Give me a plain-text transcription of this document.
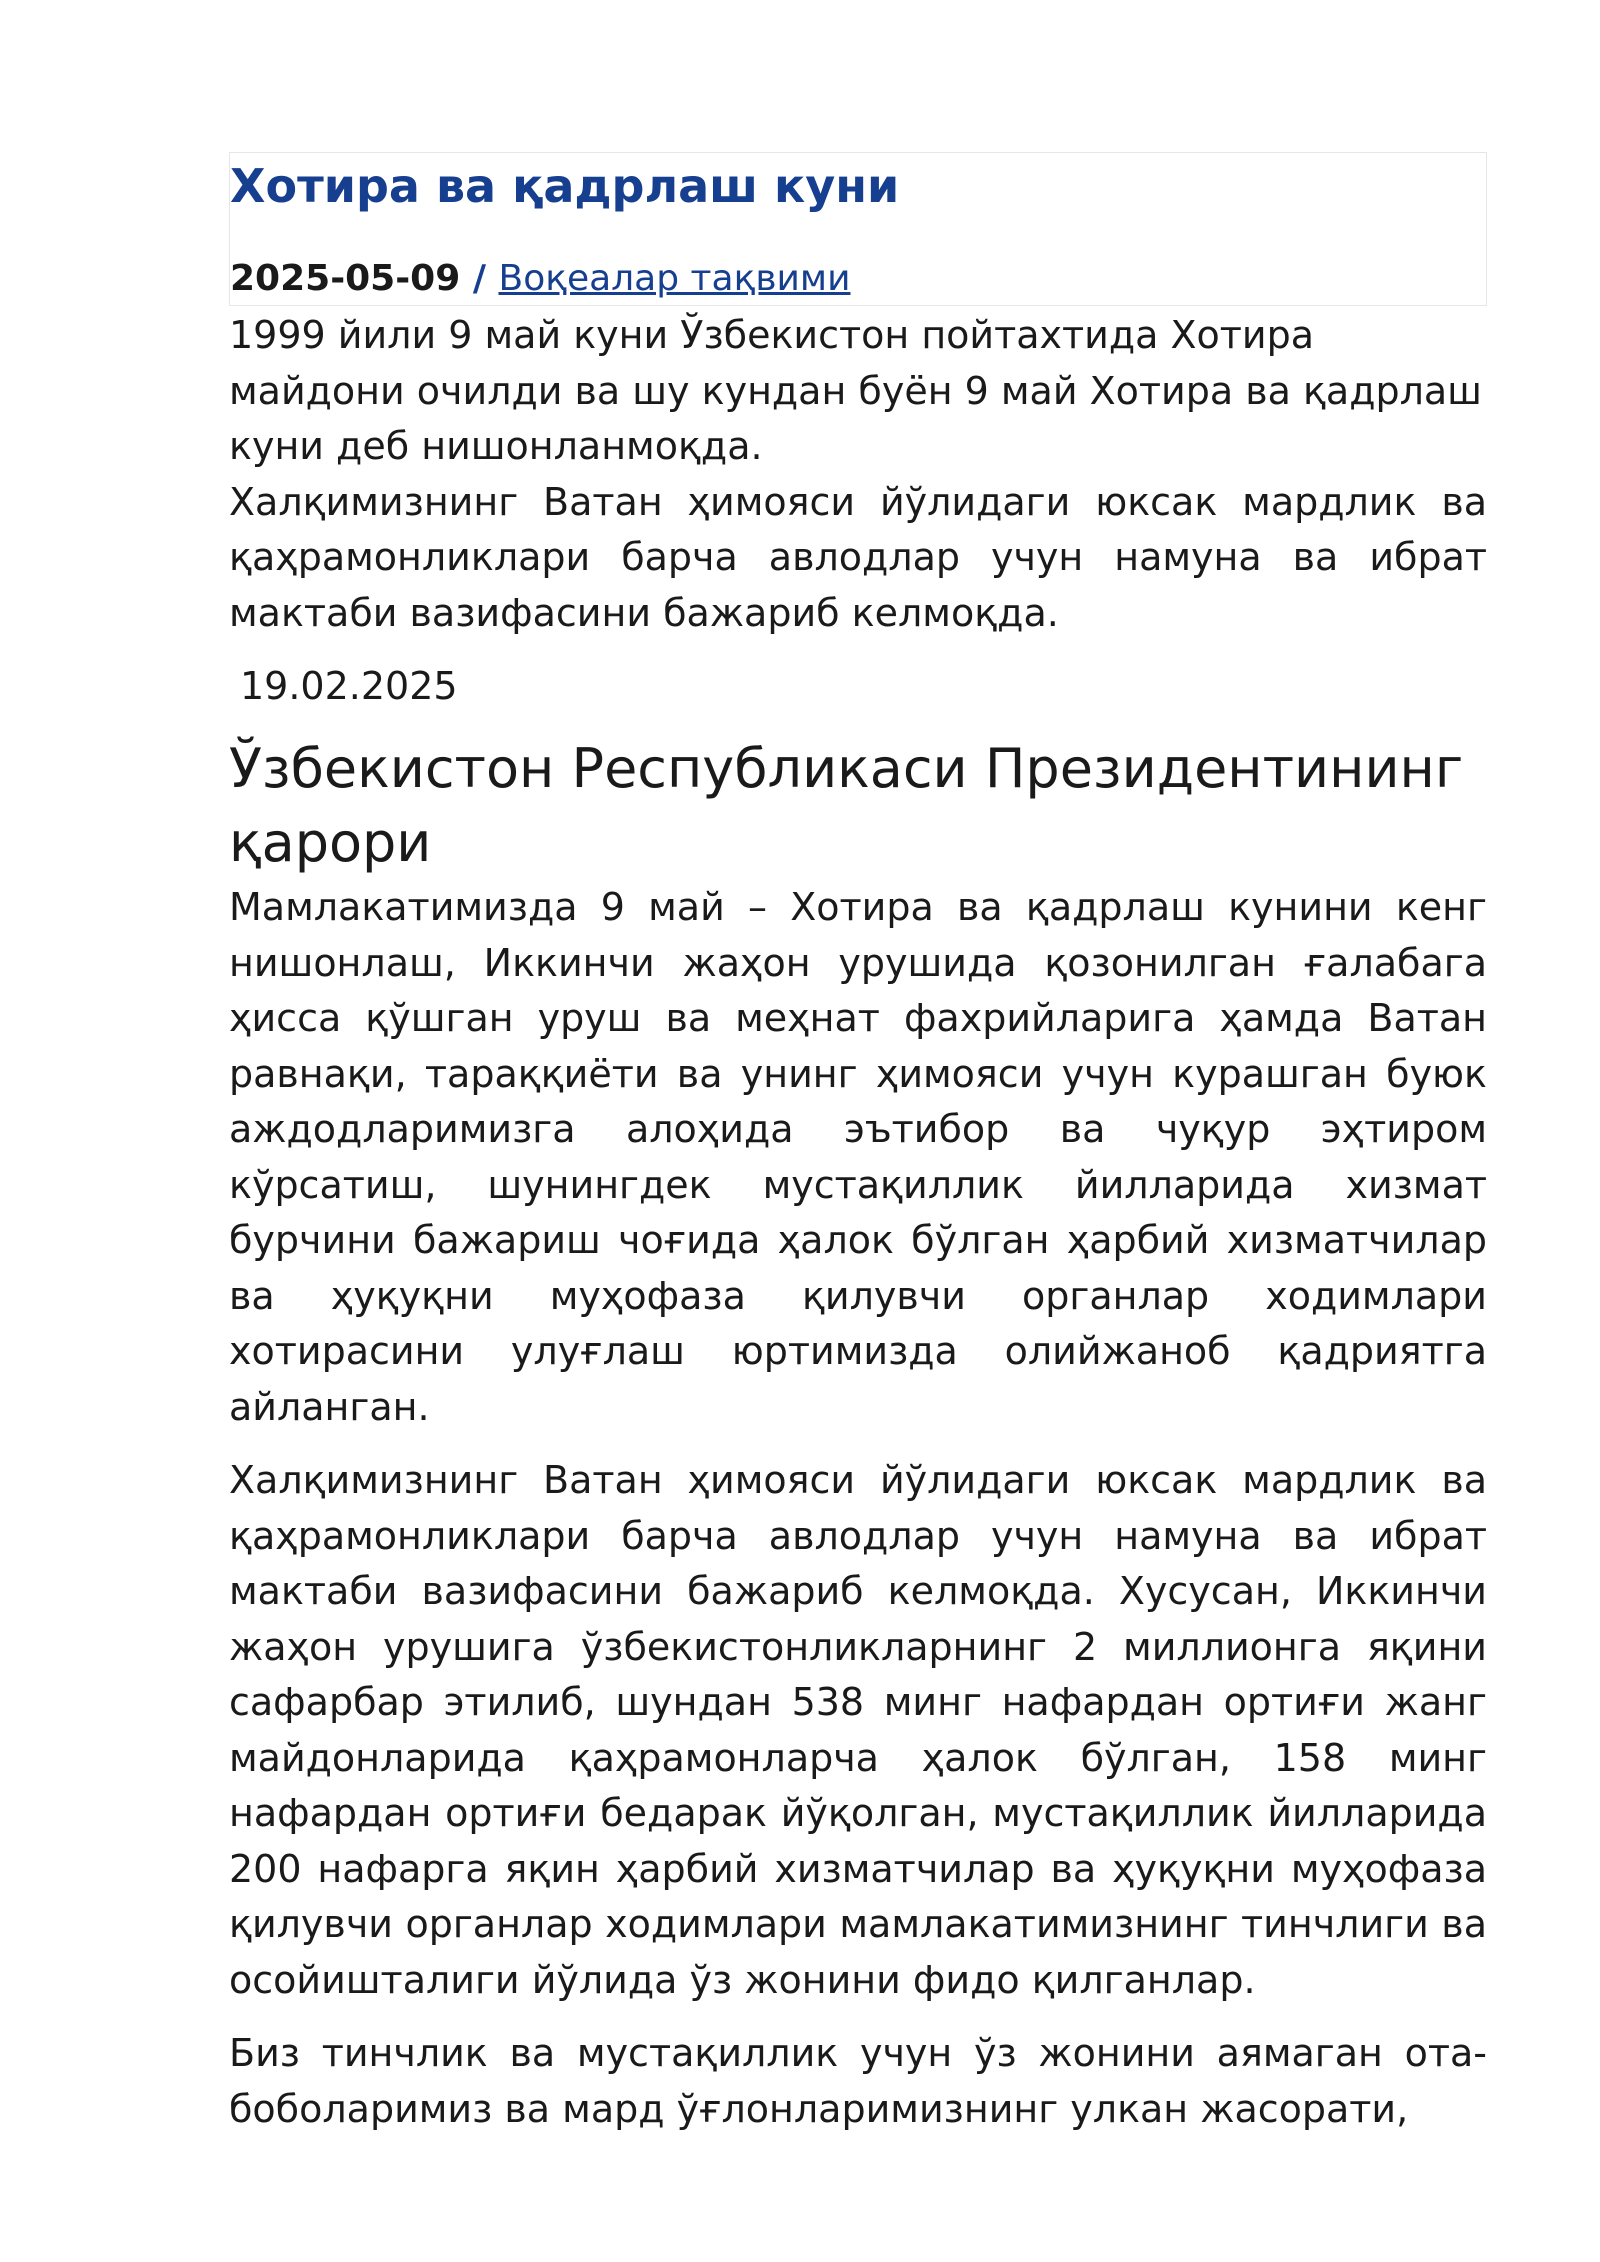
Хотира ва қадрлаш куни
2025-05-09 / Воқеалар тақвими

1999 йили 9 май куни Ўзбекистон пойтахтида Хотира майдони очилди ва шу кундан буён 9 май Хотира ва қадрлаш куни деб нишонланмоқда.

Халқимизнинг Ватан ҳимояси йўлидаги юксак мардлик ва қаҳрамонликлари барча авлодлар учун намуна ва ибрат мактаби вазифасини бажариб келмоқда.

19.02.2025
Ўзбекистон Республикаси Президентининг қарори

Мамлакатимизда 9 май – Хотира ва қадрлаш кунини кенг нишонлаш, Иккинчи жаҳон урушида қозонилган ғалабага ҳисса қўшган уруш ва меҳнат фахрийларига ҳамда Ватан равнақи, тараққиёти ва унинг ҳимояси учун курашган буюк аждодларимизга алоҳида эътибор ва чуқур эҳтиром кўрсатиш, шунингдек мустақиллик йилларида хизмат бурчини бажариш чоғида ҳалок бўлган ҳарбий хизматчилар ва ҳуқуқни муҳофаза қилувчи органлар ходимлари хотирасини улуғлаш юртимизда олийжаноб қадриятга айланган.

Халқимизнинг Ватан ҳимояси йўлидаги юксак мардлик ва қаҳрамонликлари барча авлодлар учун намуна ва ибрат мактаби вазифасини бажариб келмоқда. Хусусан, Иккинчи жаҳон урушига ўзбекистонликларнинг 2 миллионга яқини сафарбар этилиб, шундан 538 минг нафардан ортиғи жанг майдонларида қаҳрамонларча ҳалок бўлган, 158 минг нафардан ортиғи бедарак йўқолган, мустақиллик йилларида 200 нафарга яқин ҳарбий хизматчилар ва ҳуқуқни муҳофаза қилувчи органлар ходимлари мамлакатимизнинг тинчлиги ва осойишталиги йўлида ўз жонини фидо қилганлар.

Биз тинчлик ва мустақиллик учун ўз жонини аямаган ота-боболаримиз ва мард ўғлонларимизнинг улкан жасорати,
